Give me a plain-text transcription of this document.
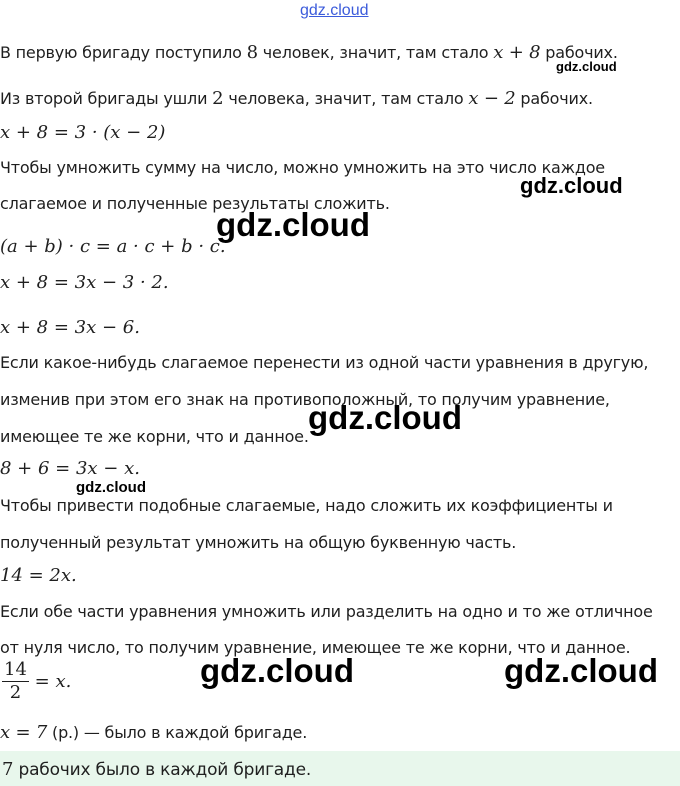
gdz.cloud
В первую бригаду поступило 8 человек, значит, там стало x + 8 рабочих.
gdz.cloud
Из второй бригады ушли 2 человека, значит, там стало x − 2 рабочих.
x + 8 = 3 · (x − 2)
Чтобы умножить сумму на число, можно умножить на это число каждое
gdz.cloud
слагаемое и полученные результаты сложить.
gdz.cloud
(a + b) · c = a · c + b · c.
x + 8 = 3x − 3 · 2.
x + 8 = 3x − 6.
Если какое-нибудь слагаемое перенести из одной части уравнения в другую,
изменив при этом его знак на противоположный, то получим уравнение,
имеющее те же корни, что и данное.
gdz.cloud
8 + 6 = 3x − x.
gdz.cloud
Чтобы привести подобные слагаемые, надо сложить их коэффициенты и
полученный результат умножить на общую буквенную часть.
14 = 2x.
Если обе части уравнения умножить или разделить на одно и то же отличное
от нуля число, то получим уравнение, имеющее те же корни, что и данное.
$\frac{14}{2} = x$.	gdz.cloud	gdz.cloud
x = 7 (р.) — было в каждой бригаде.
7 рабочих было в каждой бригаде.
